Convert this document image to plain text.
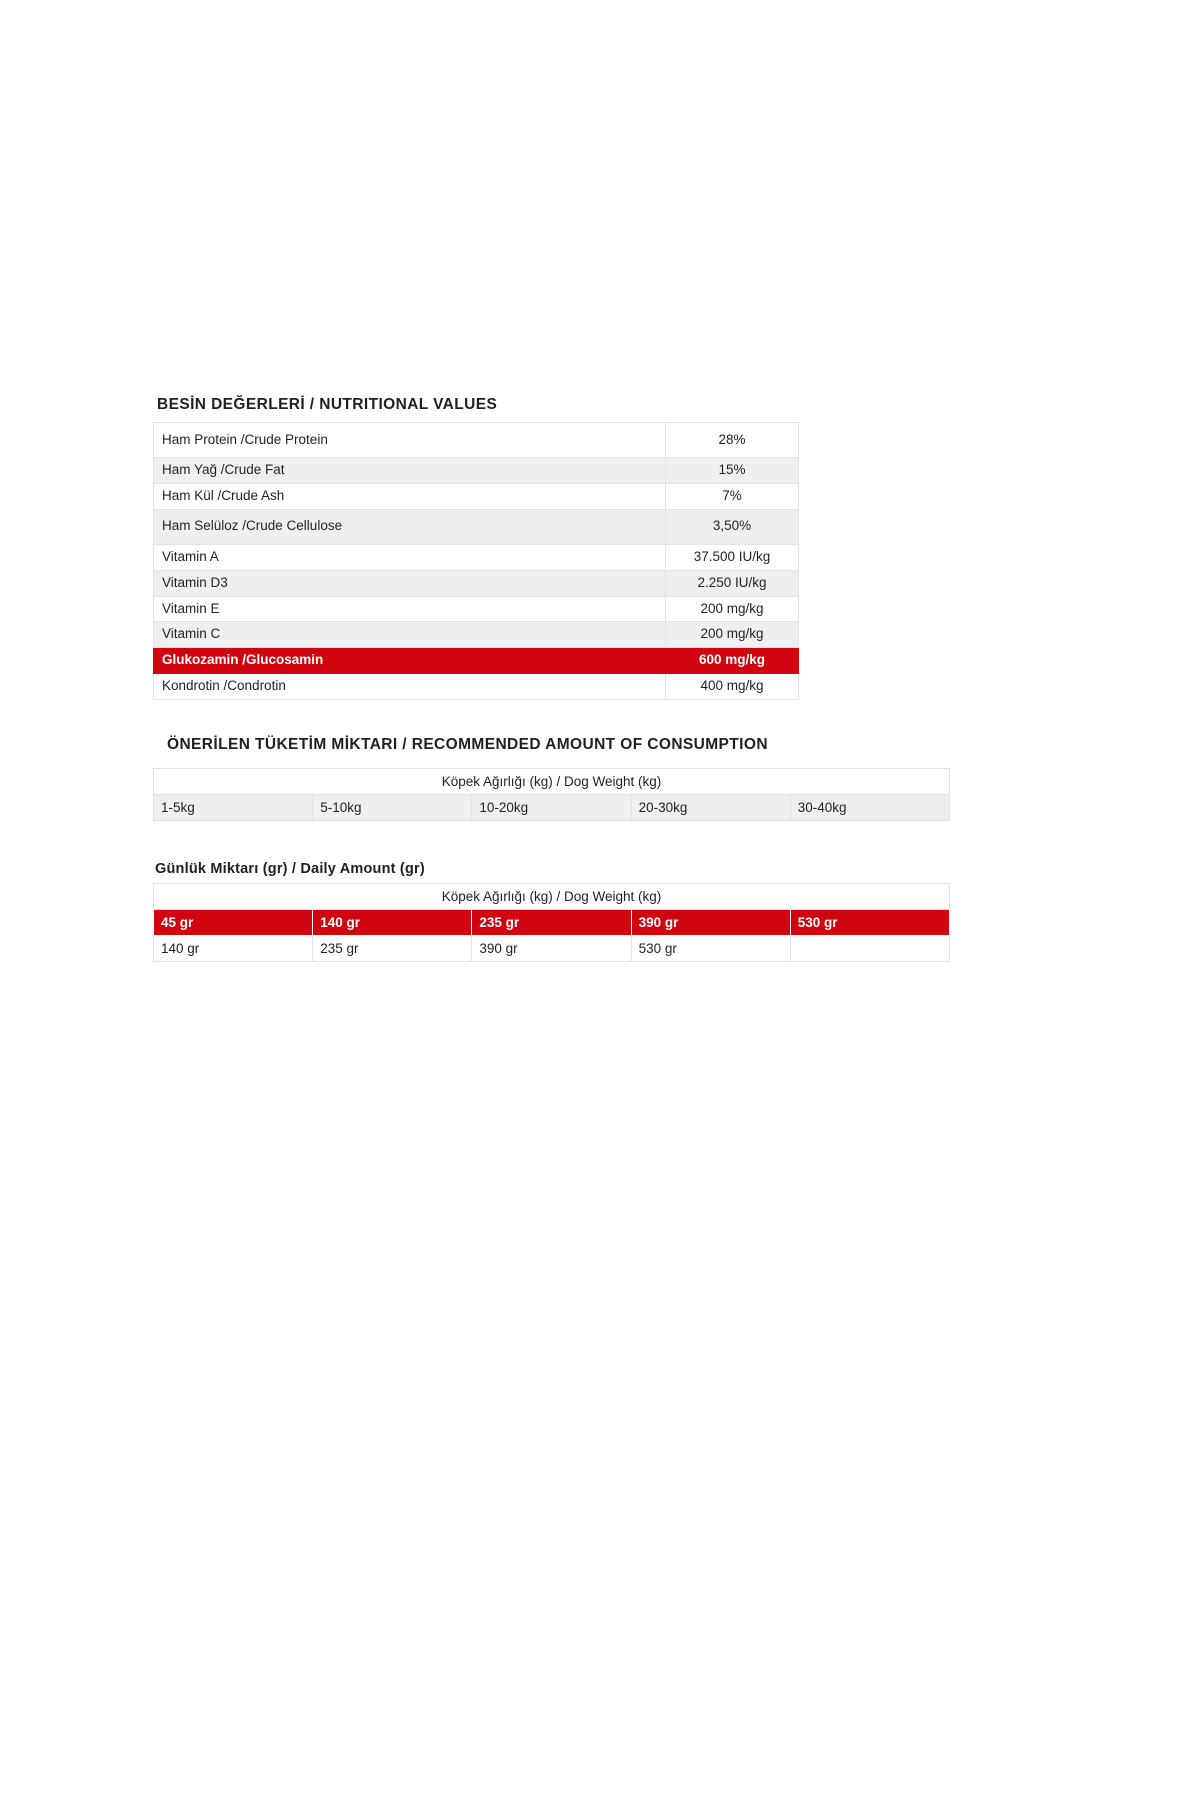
BESİN DEĞERLERİ / NUTRITIONAL VALUES
Ham Protein /Crude Protein	28%
Ham Yağ /Crude Fat	15%
Ham Kül /Crude Ash	7%
Ham Selüloz /Crude Cellulose	3,50%
Vitamin A	37.500 IU/kg
Vitamin D3	2.250 IU/kg
Vitamin E	200 mg/kg
Vitamin C	200 mg/kg
Glukozamin /Glucosamin	600 mg/kg
Kondrotin /Condrotin	400 mg/kg
ÖNERİLEN TÜKETİM MİKTARI / RECOMMENDED AMOUNT OF CONSUMPTION
Köpek Ağırlığı (kg) / Dog Weight (kg)
1-5kg	5-10kg	10-20kg	20-30kg	30-40kg
Günlük Miktarı (gr) / Daily Amount (gr)
Köpek Ağırlığı (kg) / Dog Weight (kg)				
45 gr	140 gr	235 gr	390 gr	530 gr
140 gr	235 gr	390 gr	530 gr	
